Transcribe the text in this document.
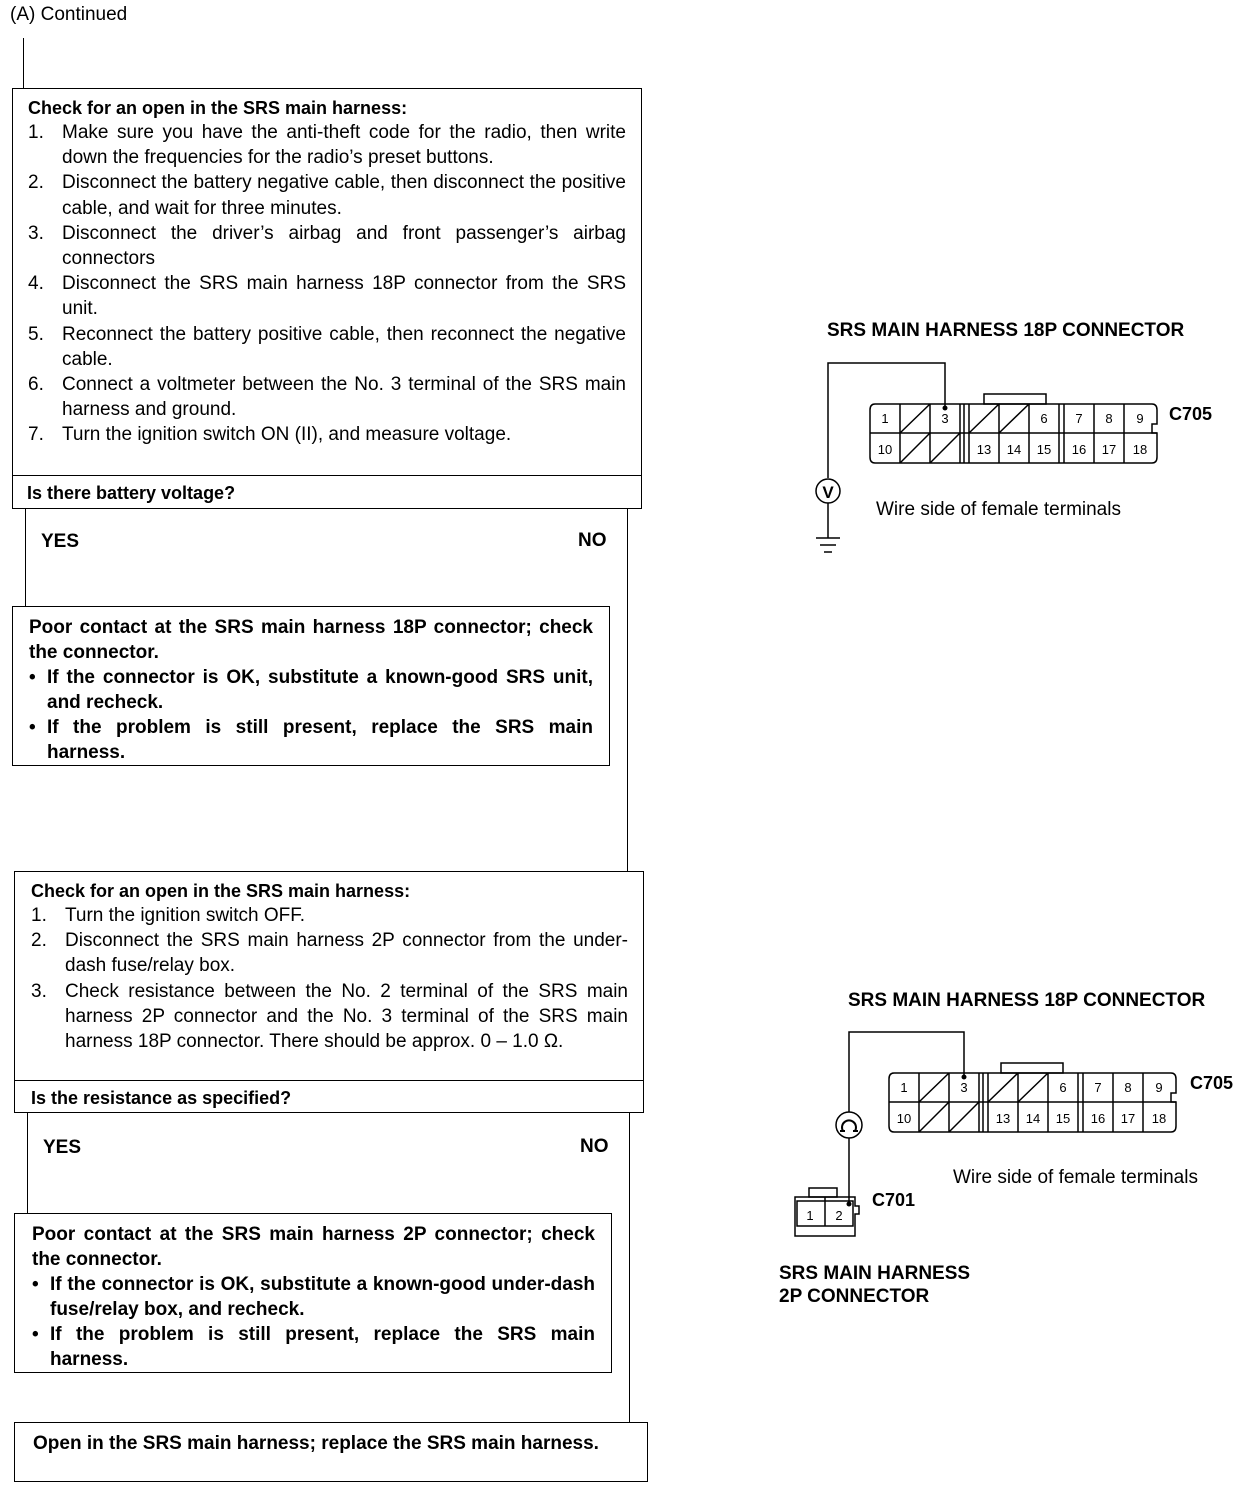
(A) Continued

Check for an open in the SRS main harness:

1. Make sure you have the anti-theft code for the radio, then write down the frequencies for the radio’s preset buttons.
2. Disconnect the battery negative cable, then disconnect the positive cable, and wait for three minutes.
3. Disconnect the driver’s airbag and front passenger’s airbag connectors
4. Disconnect the SRS main harness 18P connector from the SRS unit.
5. Reconnect the battery positive cable, then reconnect the negative cable.
6. Connect a voltmeter between the No. 3 terminal of the SRS main harness and ground.
7. Turn the ignition switch ON (II), and measure voltage.
Is there battery voltage?
YES	NO
Poor contact at the SRS main harness 18P connector; check the connector.
• If the connector is OK, substitute a known-good SRS unit, and recheck.
• If the problem is still present, replace the SRS main harness.

Check for an open in the SRS main harness:

1. Turn the ignition switch OFF.
2. Disconnect the SRS main harness 2P connector from the under-dash fuse/relay box.
3. Check resistance between the No. 2 terminal of the SRS main harness 2P connector and the No. 3 terminal of the SRS main harness 18P connector. There should be approx. 0 – 1.0 Ω.
Is the resistance as specified?
YES	NO
Poor contact at the SRS main harness 2P connector; check the connector.
• If the connector is OK, substitute a known-good under-dash fuse/relay box, and recheck.
• If the problem is still present, replace the SRS main harness.
Open in the SRS main harness; replace the SRS main harness.
SRS MAIN HARNESS 18P CONNECTOR
1	3	6 7 8 9
10	13 14 15 16 17 18
C705
V
Wire side of female terminals
SRS MAIN HARNESS 18P CONNECTOR
1	3	6 7 8 9
10	13 14 15 16 17 18
C705
Wire side of female terminals
1 2
C701
SRS MAIN HARNESS
2P CONNECTOR
